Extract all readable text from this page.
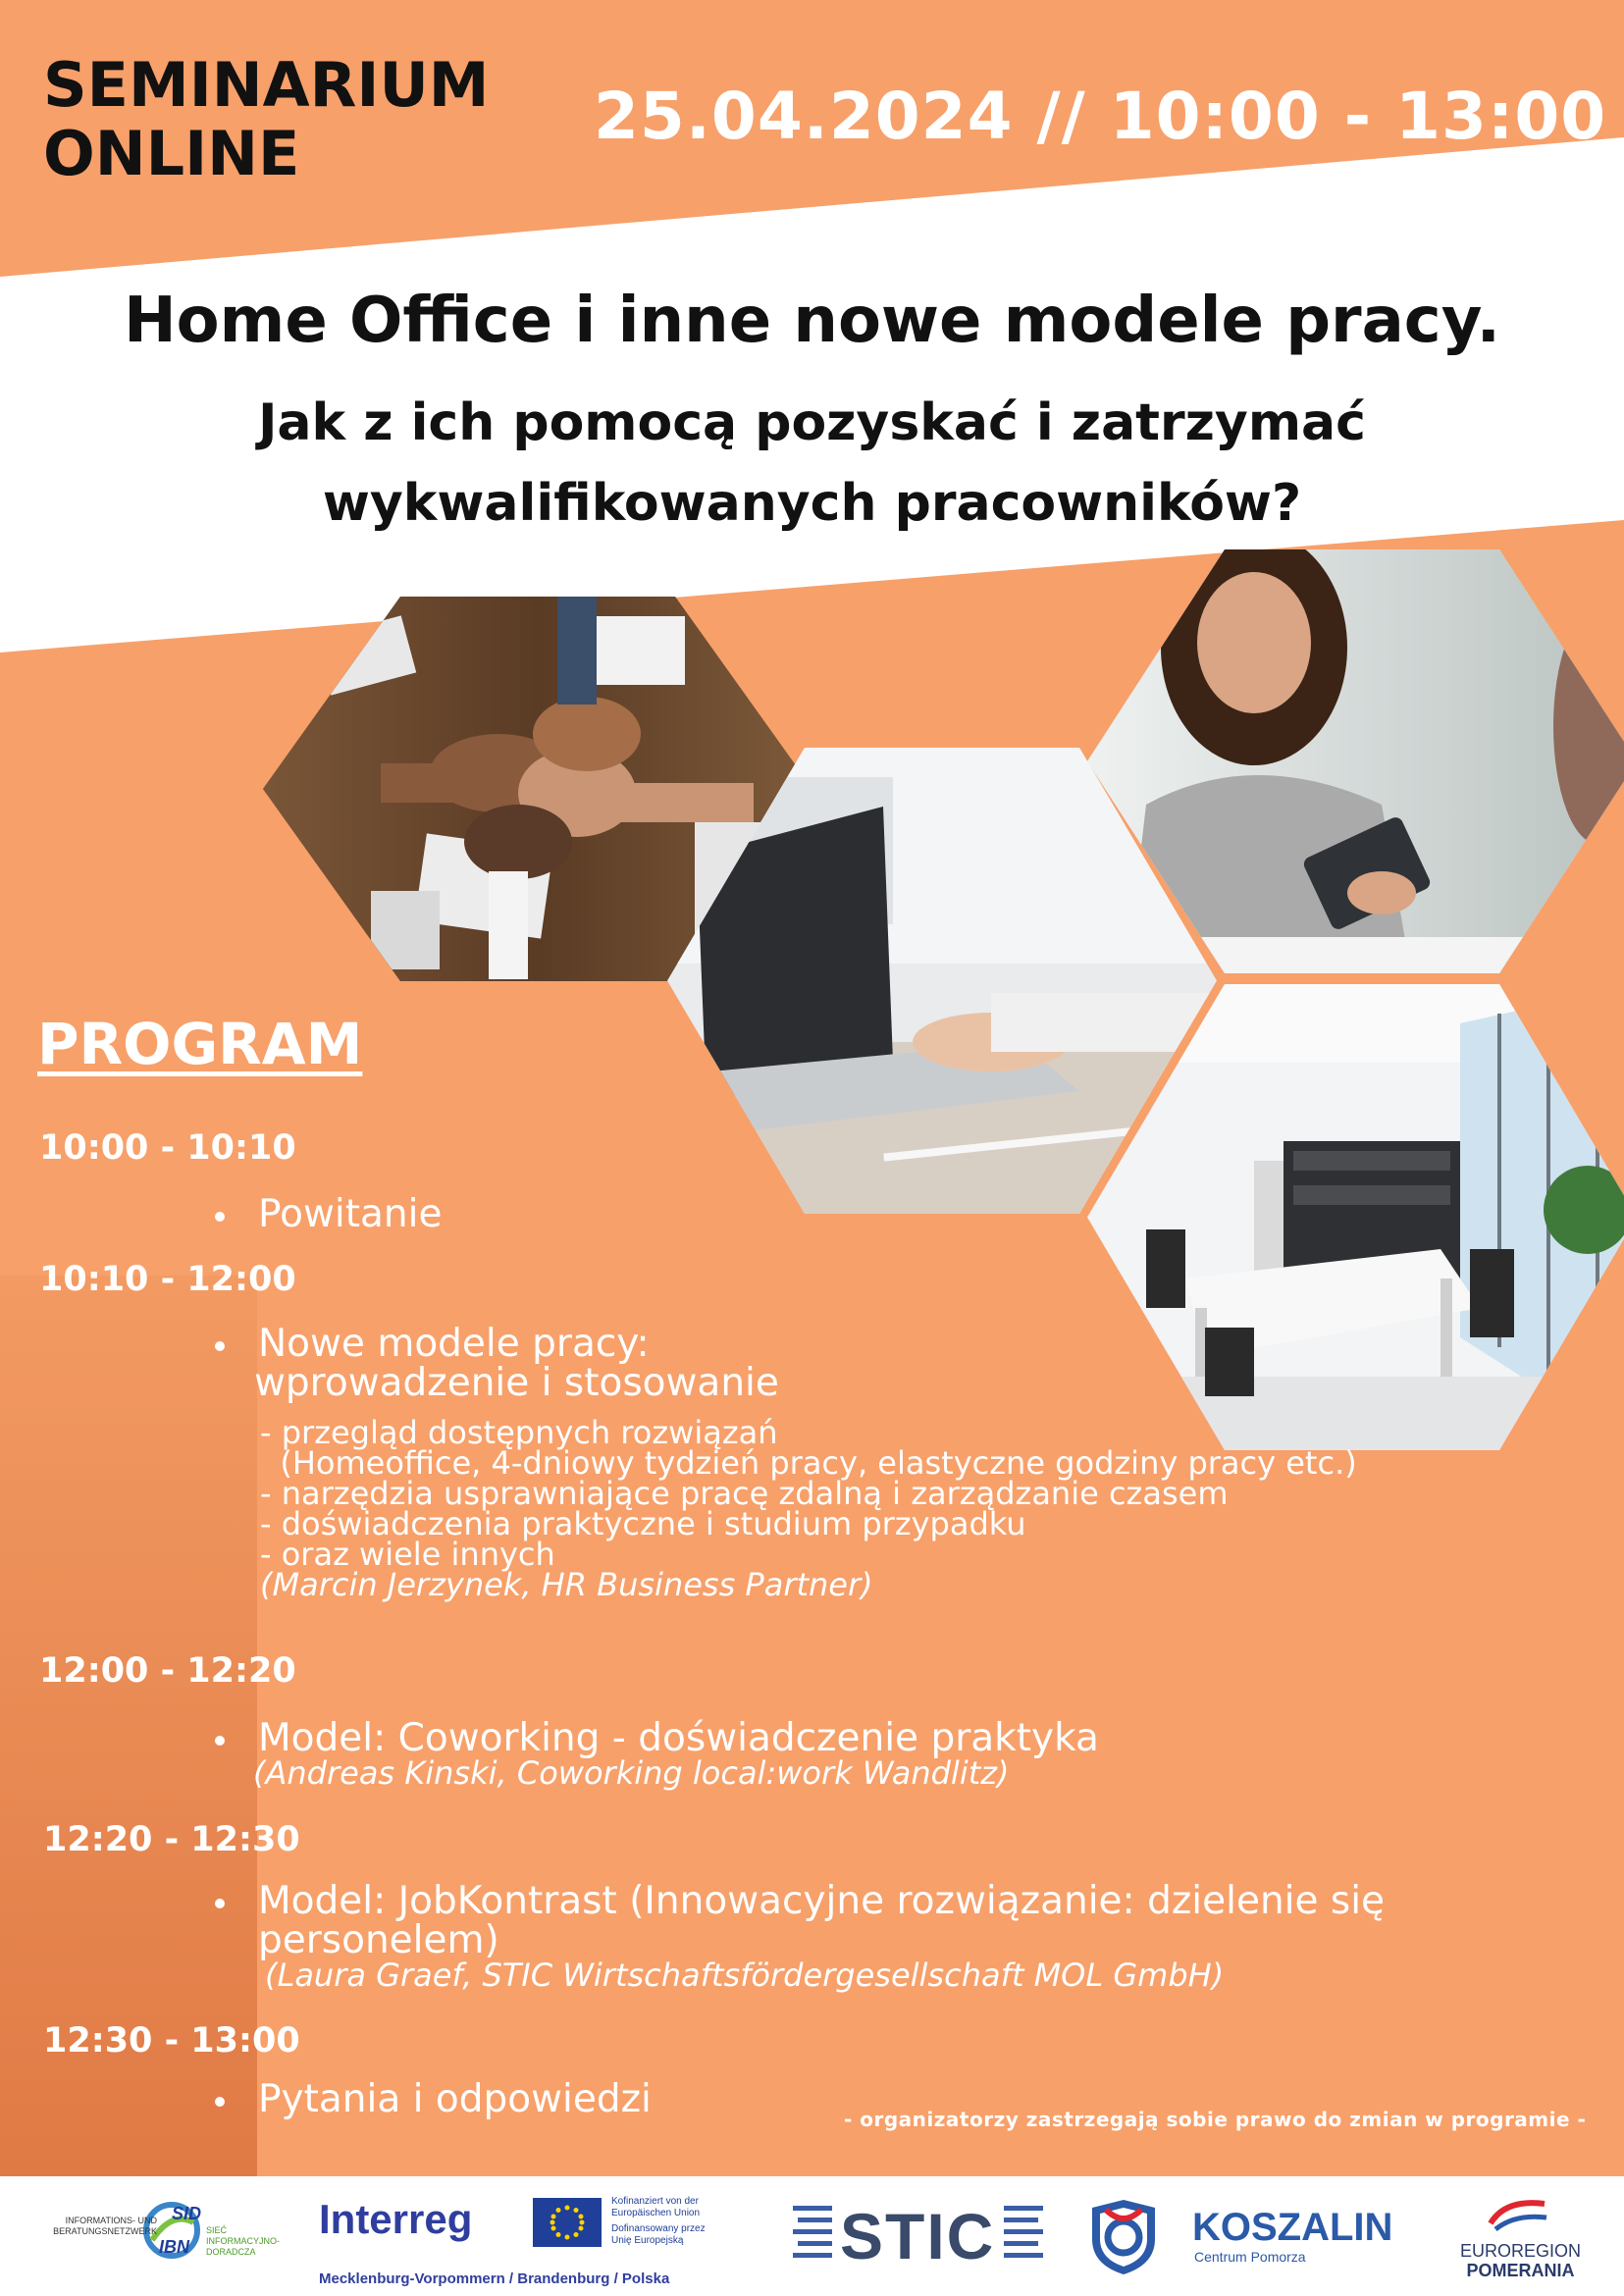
SEMINARIUM
ONLINE	25.04.2024 // 10:00 - 13:00
Home Office i inne nowe modele pracy.
Jak z ich pomocą pozyskać i zatrzymać
wykwalifikowanych pracowników?
PROGRAM
10:00 - 10:10
Powitanie
10:10 - 12:00
Nowe modele pracy:
wprowadzenie i stosowanie
- przegląd dostępnych rozwiązań
(Homeoffice, 4-dniowy tydzień pracy, elastyczne godziny pracy etc.)
- narzędzia usprawniające pracę zdalną i zarządzanie czasem
- doświadczenia praktyczne i studium przypadku
- oraz wiele innych
(Marcin Jerzynek, HR Business Partner)
12:00 - 12:20
Model: Coworking - doświadczenie praktyka
(Andreas Kinski, Coworking local:work Wandlitz)
12:20 - 12:30
Model: JobKontrast (Innowacyjne rozwiązanie: dzielenie się
personelem)
(Laura Graef, STIC Wirtschaftsfördergesellschaft MOL GmbH)
12:30 - 13:00
Pytania i odpowiedzi	- organizatorzy zastrzegają sobie prawo do zmian w programie -
INFORMATIONS- UND
BERATUNGSNETZWERK
IBN
SID
SIEĆ INFORMACYJNO-
DORADCZA
Interreg	Kofinanziert von der
Europäischen Union
Dofinansowany przez
Unię Europejską
Mecklenburg-Vorpommern / Brandenburg / Polska
STIC	KOSZALIN
Centrum Pomorza	EUROREGION
POMERANIA
